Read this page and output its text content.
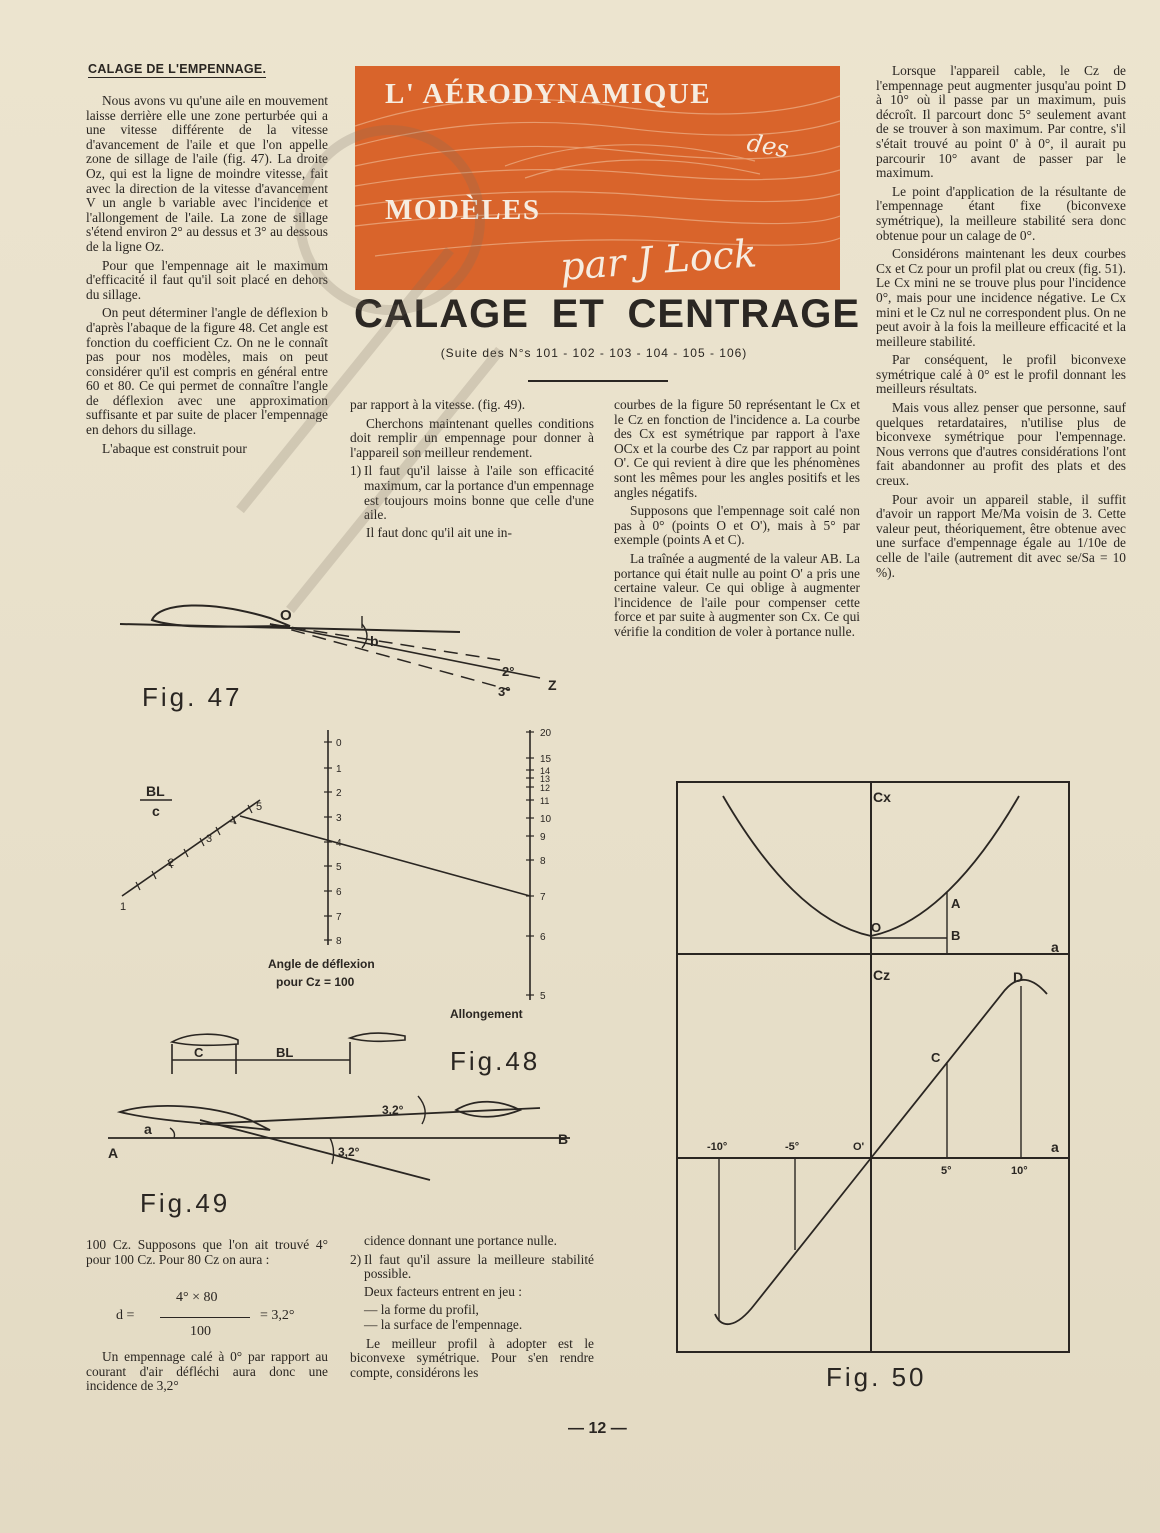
CALAGE DE L'EMPENNAGE.

Nous avons vu qu'une aile en mouvement laisse derrière elle une zone perturbée qui a une vitesse différente de la vitesse d'avancement de l'aile et que l'on appelle zone de sillage de l'aile (fig. 47). La droite Oz, qui est la ligne de moindre vitesse, fait avec la direction de la vitesse d'avancement V un angle b variable avec l'incidence et l'allongement de l'aile. La zone de sillage s'étend environ 2° au dessus et 3° au dessous de la ligne Oz.

Pour que l'empennage ait le maximum d'efficacité il faut qu'il soit placé en dehors du sillage.

On peut déterminer l'angle de déflexion b d'après l'abaque de la figure 48. Cet angle est fonction du coefficient Cz. On ne le connaît pas pour nos modèles, mais on peut considérer qu'il est compris en général entre 60 et 80. Ce qui permet de connaître l'angle de déflexion avec une approximation suffisante et par suite de placer l'empennage en dehors du sillage.

L'abaque est construit pour

L' AÉRODYNAMIQUE
des
MODÈLES
par J Lock
CALAGE ET CENTRAGE
(Suite des N°s 101 - 102 - 103 - 104 - 105 - 106)

par rapport à la vitesse. (fig. 49).

Cherchons maintenant quelles conditions doit remplir un empennage pour donner à l'appareil son meilleur rendement.

1) Il faut qu'il laisse à l'aile son efficacité maximum, car la portance d'un empennage est toujours moins bonne que celle d'une aile.

Il faut donc qu'il ait une in-

courbes de la figure 50 représentant le Cx et le Cz en fonction de l'incidence a. La courbe des Cx est symétrique par rapport à l'axe OCx et la courbe des Cz par rapport au point O'. Ce qui revient à dire que les phénomènes sont les mêmes pour les angles positifs et les angles négatifs.

Supposons que l'empennage soit calé non pas à 0° (points O et O'), mais à 5° par exemple (points A et C).

La traînée a augmenté de la valeur AB. La portance qui était nulle au point O' a pris une certaine valeur. Ce qui oblige à augmenter l'incidence de l'aile pour compenser cette force et par suite à augmenter son Cx. Ce qui vérifie la condition de voler à portance nulle.

Lorsque l'appareil cable, le Cz de l'empennage peut augmenter jusqu'au point D à 10° où il passe par un maximum, puis décroît. Il parcourt donc 5° seulement avant de se trouver à son maximum. Par contre, s'il s'était trouvé au point 0' à 0°, il aurait pu parcourir 10° avant de passer par le maximum.

Le point d'application de la résultante de l'empennage étant fixe (biconvexe symétrique), la meilleure stabilité sera donc obtenue pour un calage de 0°.

Considérons maintenant les deux courbes Cx et Cz pour un profil plat ou creux (fig. 51). Le Cx mini ne se trouve plus pour l'incidence 0°, mais pour une incidence négative. Le Cx mini et le Cz nul ne correspondent plus. On ne peut avoir à la fois la meilleure efficacité et la meilleure stabilité.

Par conséquent, le profil biconvexe symétrique calé à 0° est le profil donnant les meilleurs résultats.

Mais vous allez penser que personne, sauf quelques retardataires, n'utilise plus de biconvexe symétrique pour l'empennage. Nous verrons que d'autres considérations l'ont fait abandonner au profit des plats et des creux.

Pour avoir un appareil stable, il suffit d'avoir un rapport Me/Ma voisin de 3. Cette valeur peut, théoriquement, être obtenue avec une surface d'empennage égale au 1/10e de celle de l'aile (autrement dit avec se/Sa = 10 %).

O
b
2°
3°	Z
Fig. 47
BL
c
1
2
3
4
5
0
1
2
3
4
5
6
7
8
20
15
14
13
12
11
10
9
8
7
6
5
Angle de déflexion
pour Cz = 100
Allongement
C	BL	Fig.48
A
B
a
3,2°
3,2°
Fig.49

100 Cz. Supposons que l'on ait trouvé 4° pour 100 Cz. Pour 80 Cz on aura :

d =
4° × 80
100
= 3,2°

Un empennage calé à 0° par rapport au courant d'air défléchi aura donc une incidence de 3,2°

cidence donnant une portance nulle.

2) Il faut qu'il assure la meilleure stabilité possible.

Deux facteurs entrent en jeu :

— la forme du profil,

— la surface de l'empennage.

Le meilleur profil à adopter est le biconvexe symétrique. Pour s'en rendre compte, considérons les

Cx
Cz
A
B
O
C
D
a
a
-10°	-5°	O'
5°	10°
Fig. 50
— 12 —
